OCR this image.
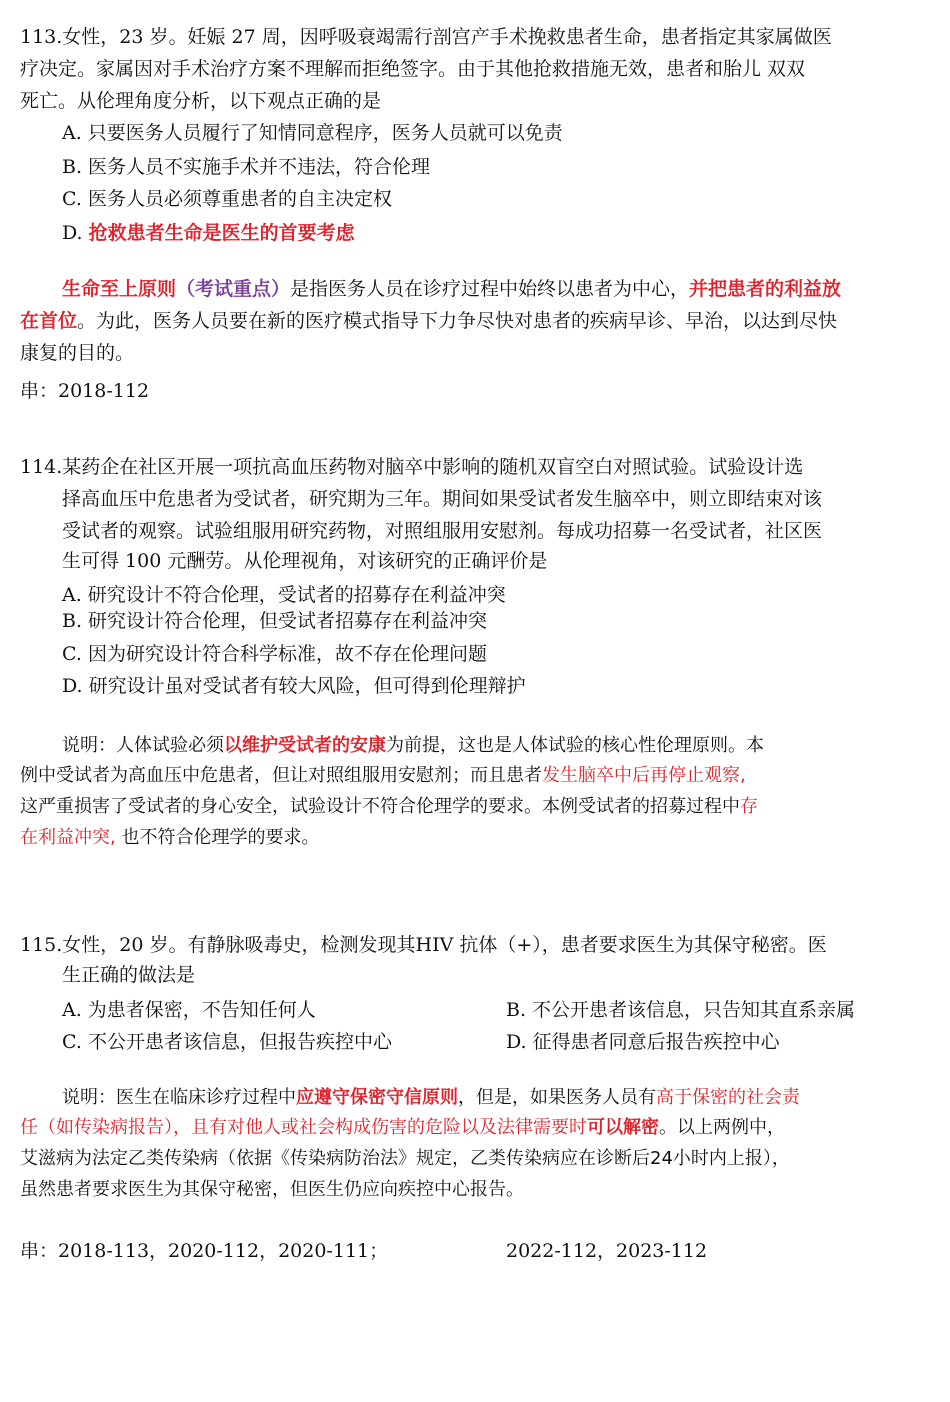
113.女性，23 岁。妊娠 27 周，因呼吸衰竭需行剖宫产手术挽救患者生命，患者指定其家属做医
疗决定。家属因对手术治疗方案不理解而拒绝签字。由于其他抢救措施无效，患者和胎儿 双双
死亡。从伦理角度分析，以下观点正确的是
A. 只要医务人员履行了知情同意程序，医务人员就可以免责
B. 医务人员不实施手术并不违法，符合伦理
C. 医务人员必须尊重患者的自主决定权
D. 抢救患者生命是医生的首要考虑
生命至上原则（考试重点）是指医务人员在诊疗过程中始终以患者为中心，并把患者的利益放
在首位。为此，医务人员要在新的医疗模式指导下力争尽快对患者的疾病早诊、早治，以达到尽快
康复的目的。
串：2018-112
114.某药企在社区开展一项抗高血压药物对脑卒中影响的随机双盲空白对照试验。试验设计选
择高血压中危患者为受试者，研究期为三年。期间如果受试者发生脑卒中，则立即结束对该
受试者的观察。试验组服用研究药物，对照组服用安慰剂。每成功招募一名受试者，社区医
生可得 100 元酬劳。从伦理视角，对该研究的正确评价是
A. 研究设计不符合伦理，受试者的招募存在利益冲突
B. 研究设计符合伦理，但受试者招募存在利益冲突
C. 因为研究设计符合科学标准，故不存在伦理问题
D. 研究设计虽对受试者有较大风险，但可得到伦理辩护
说明：人体试验必须以维护受试者的安康为前提，这也是人体试验的核心性伦理原则。本
例中受试者为高血压中危患者，但让对照组服用安慰剂；而且患者发生脑卒中后再停止观察,
这严重损害了受试者的身心安全，试验设计不符合伦理学的要求。本例受试者的招募过程中存
在利益冲突, 也不符合伦理学的要求。
115.女性，20 岁。有静脉吸毒史，检测发现其HIV 抗体（+），患者要求医生为其保守秘密。医
生正确的做法是
A. 为患者保密，不告知任何人	B. 不公开患者该信息，只告知其直系亲属
C. 不公开患者该信息，但报告疾控中心	D. 征得患者同意后报告疾控中心
说明：医生在临床诊疗过程中应遵守保密守信原则，但是，如果医务人员有高于保密的社会责
任（如传染病报告），且有对他人或社会构成伤害的危险以及法律需要时可以解密。以上两例中，
艾滋病为法定乙类传染病（依据《传染病防治法》规定，乙类传染病应在诊断后24小时内上报），
虽然患者要求医生为其保守秘密，但医生仍应向疾控中心报告。
串：2018-113，2020-112，2020-111；	2022-112，2023-112
